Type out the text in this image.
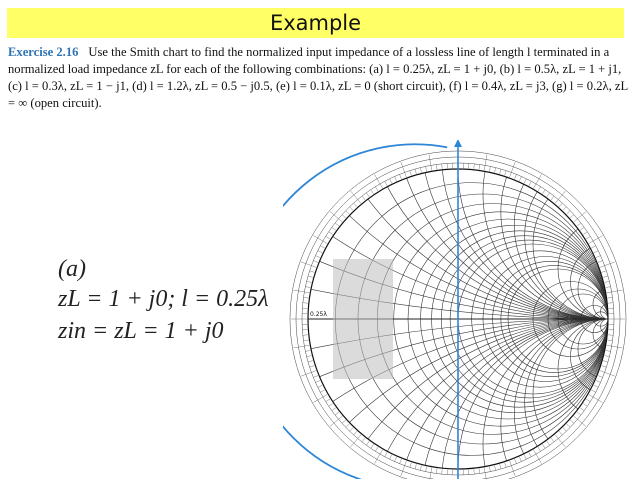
Example
Exercise 2.16 Use the Smith chart to find the normalized input impedance of a lossless line of length l terminated in a normalized load impedance zL for each of the following combinations: (a) l = 0.25λ, zL = 1 + j0, (b) l = 0.5λ, zL = 1 + j1, (c) l = 0.3λ, zL = 1 − j1, (d) l = 1.2λ, zL = 0.5 − j0.5, (e) l = 0.1λ, zL = 0 (short circuit), (f) l = 0.4λ, zL = j3, (g) l = 0.2λ, zL = ∞ (open circuit).
(a)
zL = 1 + j0; l = 0.25λ
zin = zL = 1 + j0
0.25λ
